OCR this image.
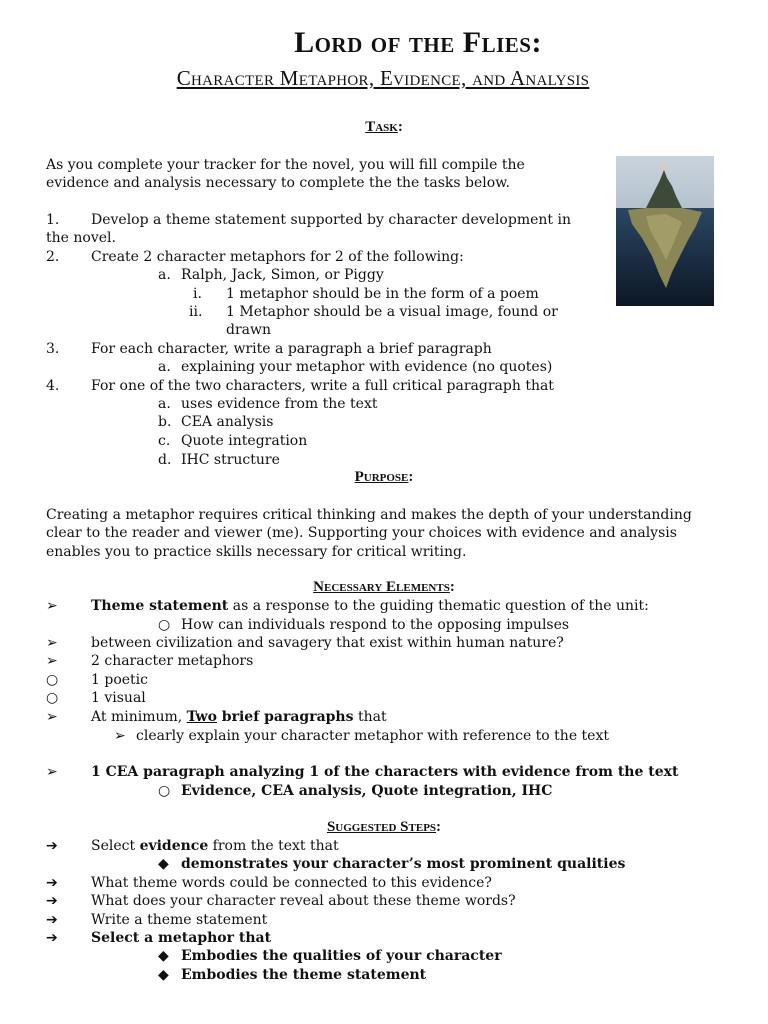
Lord of the Flies:
Character Metaphor, Evidence, and Analysis
Task:
As you complete your tracker for the novel, you will fill compile the
evidence and analysis necessary to complete the the tasks below.
1. Develop a theme statement supported by character development in
the novel.
2. Create 2 character metaphors for 2 of the following:
a. Ralph, Jack, Simon, or Piggy
i. 1 metaphor should be in the form of a poem
ii. 1 Metaphor should be a visual image, found or
drawn
3. For each character, write a paragraph a brief paragraph
a. explaining your metaphor with evidence (no quotes)
4. For one of the two characters, write a full critical paragraph that
a. uses evidence from the text
b. CEA analysis
c. Quote integration
d. IHC structure
Purpose:
Creating a metaphor requires critical thinking and makes the depth of your understanding
clear to the reader and viewer (me). Supporting your choices with evidence and analysis
enables you to practice skills necessary for critical writing.
Necessary Elements:
➢ Theme statement as a response to the guiding thematic question of the unit:
○ How can individuals respond to the opposing impulses
➢ between civilization and savagery that exist within human nature?
➢ 2 character metaphors
○ 1 poetic
○ 1 visual
➢ At minimum, Two brief paragraphs that
➢ clearly explain your character metaphor with reference to the text
➢ 1 CEA paragraph analyzing 1 of the characters with evidence from the text
○ Evidence, CEA analysis, Quote integration, IHC
Suggested Steps:
➔ Select evidence from the text that
◆ demonstrates your character’s most prominent qualities
➔ What theme words could be connected to this evidence?
➔ What does your character reveal about these theme words?
➔ Write a theme statement
➔ Select a metaphor that
◆ Embodies the qualities of your character
◆ Embodies the theme statement
